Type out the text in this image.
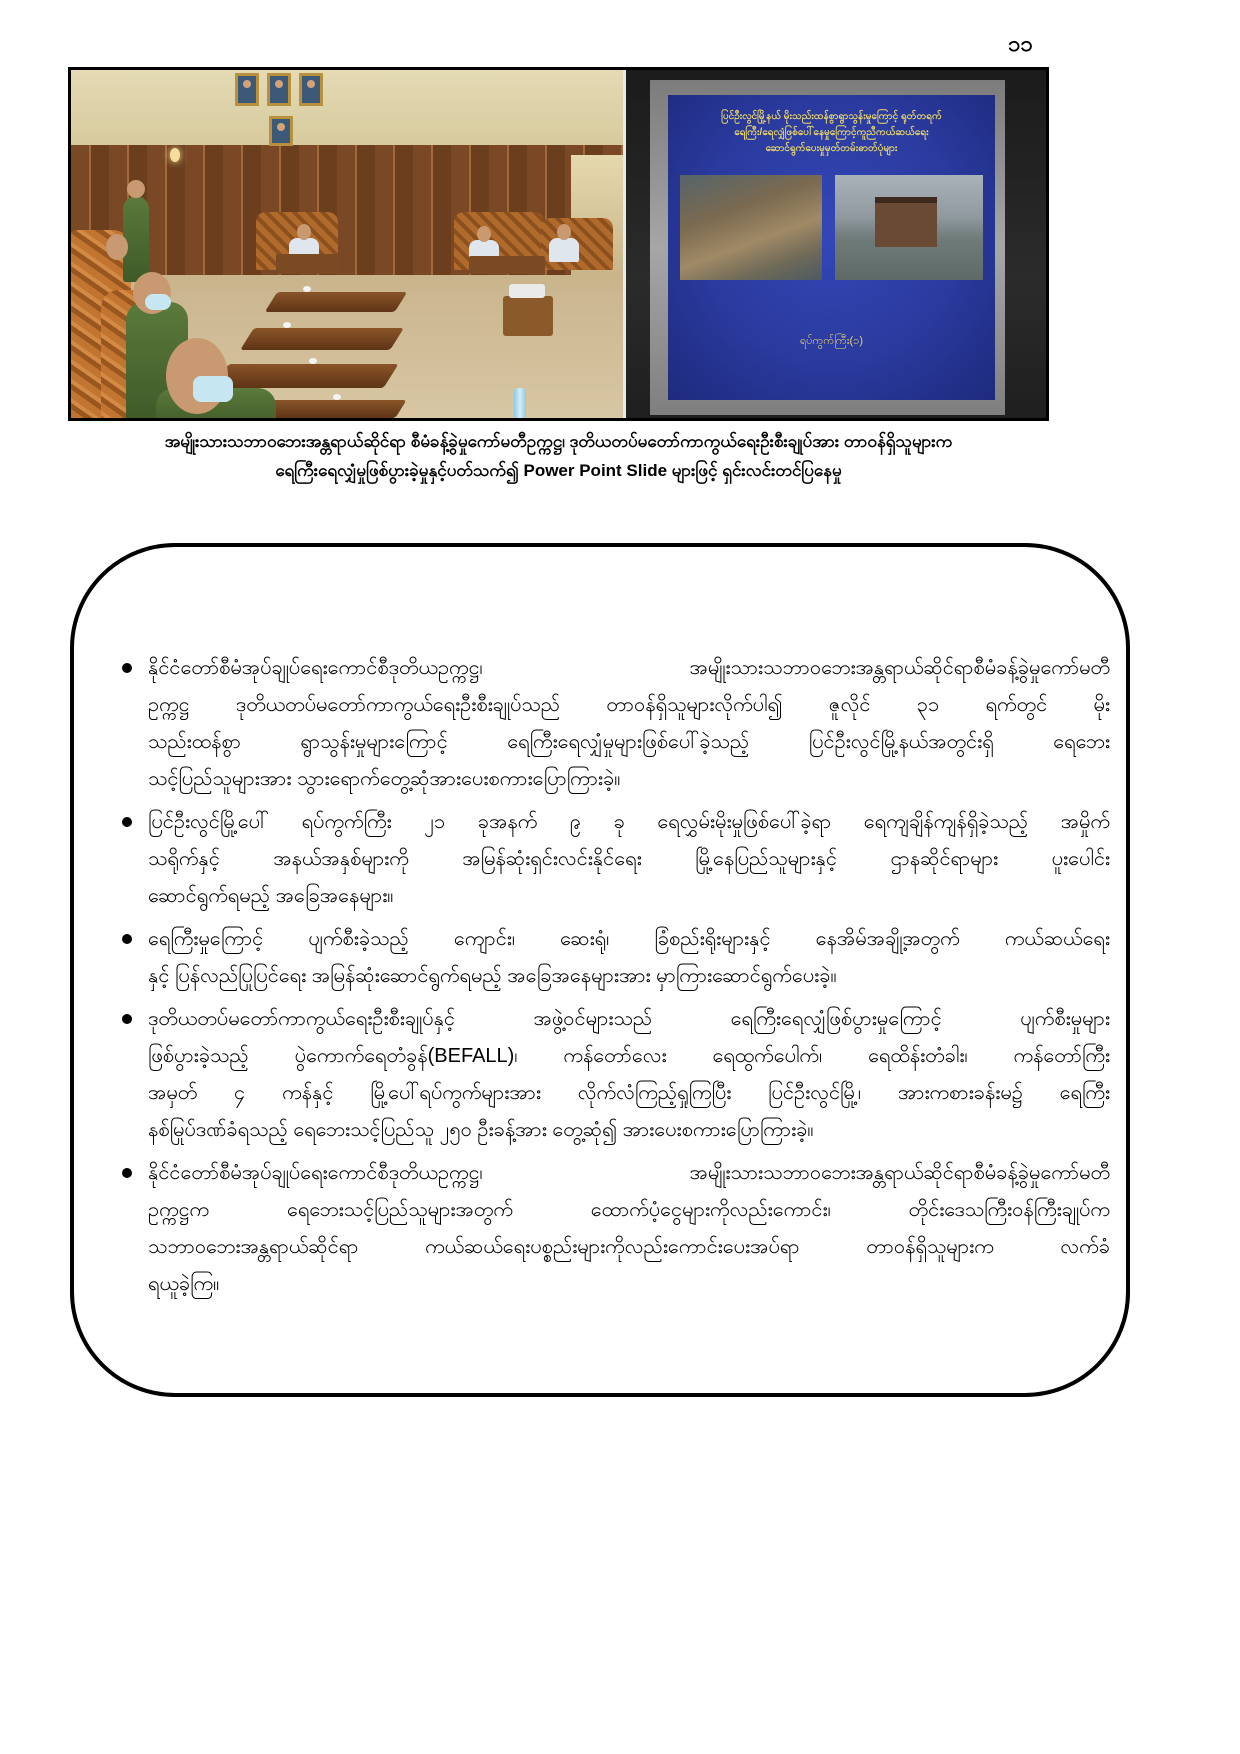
၁၁
ပြင်ဦးလွင်မြို့နယ် မိုးသည်းထန်စွာရွာသွန်းမှုကြောင့် ရုတ်တရက်
ရေကြီး/ရေလျှံဖြစ်ပေါ်နေမှုကြောင့်ကူညီကယ်ဆယ်ရေး
ဆောင်ရွက်ပေးမှုမှတ်တမ်းဓာတ်ပုံများ
ရပ်ကွက်ကြီး(၁)
အမျိုးသားသဘာဝဘေးအန္တရာယ်ဆိုင်ရာ စီမံခန့်ခွဲမှုကော်မတီဥက္ကဋ္ဌ၊ ဒုတိယတပ်မတော်ကာကွယ်ရေးဦးစီးချုပ်အား တာဝန်ရှိသူများက
ရေကြီးရေလျှံမှုဖြစ်ပွားခဲ့မှုနှင့်ပတ်သက်၍ Power Point Slide များဖြင့် ရှင်းလင်းတင်ပြနေမှု
နိုင်ငံတော်စီမံအုပ်ချုပ်ရေးကောင်စီဒုတိယဥက္ကဋ္ဌ၊ အမျိုးသားသဘာဝဘေးအန္တရာယ်ဆိုင်ရာစီမံခန့်ခွဲမှုကော်မတီ
ဥက္ကဋ္ဌ ဒုတိယတပ်မတော်ကာကွယ်ရေးဦးစီးချုပ်သည် တာဝန်ရှိသူများလိုက်ပါ၍ ဇူလိုင် ၃၁ ရက်တွင် မိုး
သည်းထန်စွာ ရွာသွန်းမှုများကြောင့် ရေကြီးရေလျှံမှုများဖြစ်ပေါ်ခဲ့သည့် ပြင်ဦးလွင်မြို့နယ်အတွင်းရှိ ရေဘေး
သင့်ပြည်သူများအား သွားရောက်တွေ့ဆုံအားပေးစကားပြောကြားခဲ့။
ပြင်ဦးလွင်မြို့ပေါ် ရပ်ကွက်ကြီး ၂၁ ခုအနက် ၉ ခု ရေလွှမ်းမိုးမှုဖြစ်ပေါ်ခဲ့ရာ ရေကျချိန်ကျန်ရှိခဲ့သည့် အမှိုက်
သရိုက်နှင့် အနယ်အနှစ်များကို အမြန်ဆုံးရှင်းလင်းနိုင်ရေး မြို့နေပြည်သူများနှင့် ဌာနဆိုင်ရာများ ပူးပေါင်း
ဆောင်ရွက်ရမည့် အခြေအနေများ။
ရေကြီးမှုကြောင့် ပျက်စီးခဲ့သည့် ကျောင်း၊ ဆေးရုံ၊ ခြံစည်းရိုးများနှင့် နေအိမ်အချို့အတွက် ကယ်ဆယ်ရေး
နှင့် ပြန်လည်ပြုပြင်ရေး အမြန်ဆုံးဆောင်ရွက်ရမည့် အခြေအနေများအား မှာကြားဆောင်ရွက်ပေးခဲ့။
ဒုတိယတပ်မတော်ကာကွယ်ရေးဦးစီးချုပ်နှင့် အဖွဲ့ဝင်များသည် ရေကြီးရေလျှံဖြစ်ပွားမှုကြောင့် ပျက်စီးမှုများ
ဖြစ်ပွားခဲ့သည့် ပွဲကောက်ရေတံခွန်(BEFALL)၊ ကန်တော်လေး ရေထွက်ပေါက်၊ ရေထိန်းတံခါး၊ ကန်တော်ကြီး
အမှတ် ၄ ကန်နှင့် မြို့ပေါ်ရပ်ကွက်များအား လိုက်လံကြည့်ရှုကြပြီး ပြင်ဦးလွင်မြို့၊ အားကစားခန်းမ၌ ရေကြီး
နစ်မြုပ်ဒဏ်ခံရသည့် ရေဘေးသင့်ပြည်သူ ၂၅၀ ဦးခန့်အား တွေ့ဆုံ၍ အားပေးစကားပြောကြားခဲ့။
နိုင်ငံတော်စီမံအုပ်ချုပ်ရေးကောင်စီဒုတိယဥက္ကဋ္ဌ၊ အမျိုးသားသဘာဝဘေးအန္တရာယ်ဆိုင်ရာစီမံခန့်ခွဲမှုကော်မတီ
ဥက္ကဋ္ဌက ရေဘေးသင့်ပြည်သူများအတွက် ထောက်ပံ့ငွေများကိုလည်းကောင်း၊ တိုင်းဒေသကြီးဝန်ကြီးချုပ်က
သဘာဝဘေးအန္တရာယ်ဆိုင်ရာ ကယ်ဆယ်ရေးပစ္စည်းများကိုလည်းကောင်းပေးအပ်ရာ တာဝန်ရှိသူများက လက်ခံ
ရယူခဲ့ကြ။
